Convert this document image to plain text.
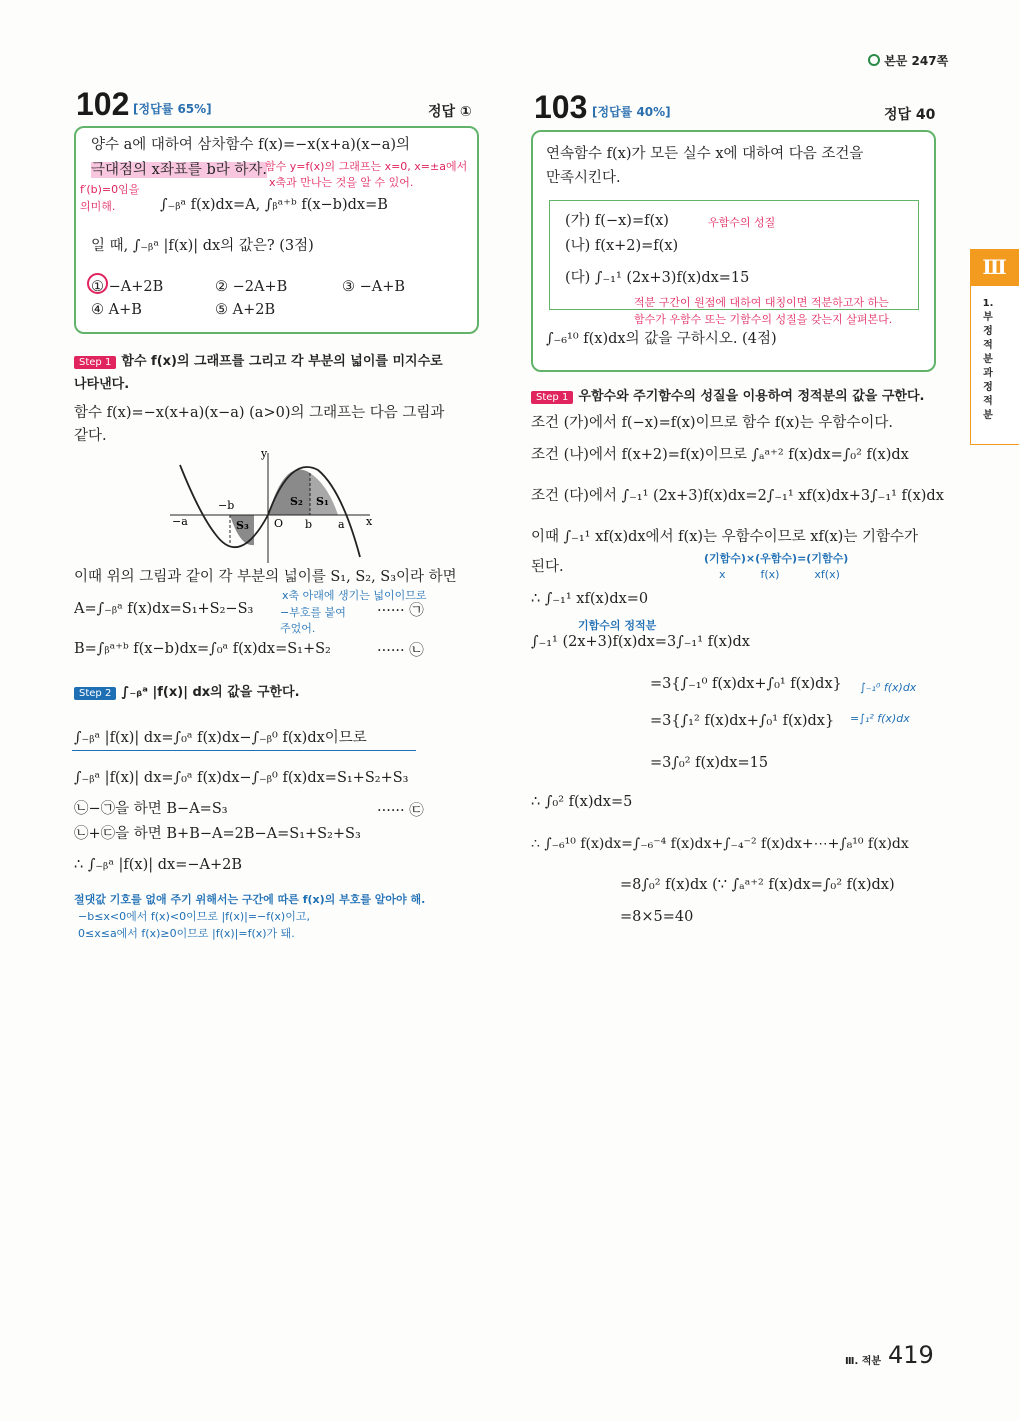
본문 247쪽
102 [정답률 65%]	정답 ①
양수 a에 대하여 삼차함수 f(x)=−x(x+a)(x−a)의
극대점의 x좌표를 b라 하자.
함수 y=f(x)의 그래프는 x=0, x=±a에서
x축과 만나는 것을 알 수 있어.
f′(b)=0임을
의미해.	∫₋ᵦᵃ f(x)dx=A, ∫ᵦᵃ⁺ᵇ f(x−b)dx=B
일 때, ∫₋ᵦᵃ |f(x)| dx의 값은? (3점)
① −A+2B	② −2A+B	③ −A+B
④ A+B	⑤ A+2B
Step 1 함수 f(x)의 그래프를 그리고 각 부분의 넓이를 미지수로
나타낸다.
함수 f(x)=−x(x+a)(x−a) (a>0)의 그래프는 다음 그림과
같다.
y
x
O
−b
−a	b a
S₁
S₂
S₃
이때 위의 그림과 같이 각 부분의 넓이를 S₁, S₂, S₃이라 하면
A=∫₋ᵦᵃ f(x)dx=S₁+S₂−S₃
x축 아래에 생기는 넓이이므로
−부호를 붙여
주었어.
······ ㉠
B=∫ᵦᵃ⁺ᵇ f(x−b)dx=∫₀ᵃ f(x)dx=S₁+S₂	······ ㉡
Step 2 ∫₋ᵦᵃ |f(x)| dx의 값을 구한다.
∫₋ᵦᵃ |f(x)| dx=∫₀ᵃ f(x)dx−∫₋ᵦ⁰ f(x)dx이므로
∫₋ᵦᵃ |f(x)| dx=∫₀ᵃ f(x)dx−∫₋ᵦ⁰ f(x)dx=S₁+S₂+S₃
㉡−㉠을 하면 B−A=S₃	······ ㉢
㉡+㉢을 하면 B+B−A=2B−A=S₁+S₂+S₃
∴ ∫₋ᵦᵃ |f(x)| dx=−A+2B
절댓값 기호를 없애 주기 위해서는 구간에 따른 f(x)의 부호를 알아야 해.
−b≤x<0에서 f(x)<0이므로 |f(x)|=−f(x)이고,
0≤x≤a에서 f(x)≥0이므로 |f(x)|=f(x)가 돼.
103 [정답률 40%]	정답 40
연속함수 f(x)가 모든 실수 x에 대하여 다음 조건을
만족시킨다.
(가) f(−x)=f(x)	우함수의 성질
(나) f(x+2)=f(x)
(다) ∫₋₁¹ (2x+3)f(x)dx=15
적분 구간이 원점에 대하여 대칭이면 적분하고자 하는
함수가 우함수 또는 기함수의 성질을 갖는지 살펴본다.
∫₋₆¹⁰ f(x)dx의 값을 구하시오. (4점)
Step 1 우함수와 주기함수의 성질을 이용하여 정적분의 값을 구한다.
조건 (가)에서 f(−x)=f(x)이므로 함수 f(x)는 우함수이다.
조건 (나)에서 f(x+2)=f(x)이므로 ∫ₐᵃ⁺² f(x)dx=∫₀² f(x)dx
조건 (다)에서 ∫₋₁¹ (2x+3)f(x)dx=2∫₋₁¹ xf(x)dx+3∫₋₁¹ f(x)dx
이때 ∫₋₁¹ xf(x)dx에서 f(x)는 우함수이므로 xf(x)는 기함수가
(기함수)×(우함수)=(기함수)
x          f(x)          xf(x)
된다.
∴ ∫₋₁¹ xf(x)dx=0
기함수의 정적분
∫₋₁¹ (2x+3)f(x)dx=3∫₋₁¹ f(x)dx
=3{∫₋₁⁰ f(x)dx+∫₀¹ f(x)dx} ∫₋₁⁰ f(x)dx
=3{∫₁² f(x)dx+∫₀¹ f(x)dx} =∫₁² f(x)dx
=3∫₀² f(x)dx=15
∴ ∫₀² f(x)dx=5
∴ ∫₋₆¹⁰ f(x)dx=∫₋₆⁻⁴ f(x)dx+∫₋₄⁻² f(x)dx+⋯+∫₈¹⁰ f(x)dx
=8∫₀² f(x)dx (∵ ∫ₐᵃ⁺² f(x)dx=∫₀² f(x)dx)
=8×5=40
Ⅲ
1.
부
정
적
분
과
정
적
분
Ⅲ. 적분 419
